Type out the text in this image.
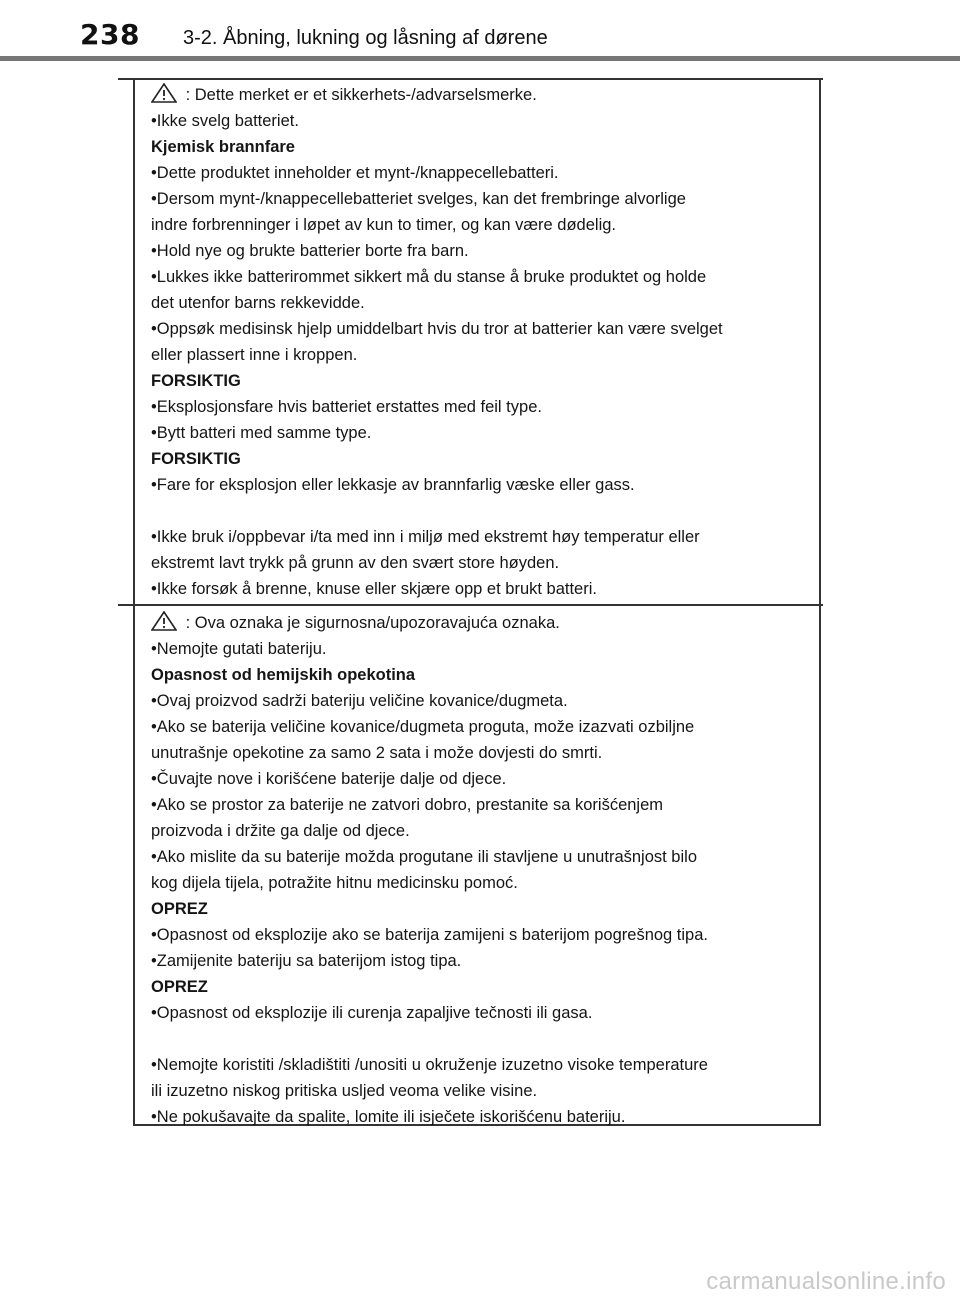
238 3-2. Åbning, lukning og låsning af dørene
: Dette merket er et sikkerhets-/advarselsmerke.
•Ikke svelg batteriet.
Kjemisk brannfare
•Dette produktet inneholder et mynt-/knappecellebatteri.
•Dersom mynt-/knappecellebatteriet svelges, kan det frembringe alvorlige
indre forbrenninger i løpet av kun to timer, og kan være dødelig.
•Hold nye og brukte batterier borte fra barn.
•Lukkes ikke batterirommet sikkert må du stanse å bruke produktet og holde
det utenfor barns rekkevidde.
•Oppsøk medisinsk hjelp umiddelbart hvis du tror at batterier kan være svelget
eller plassert inne i kroppen.
FORSIKTIG
•Eksplosjonsfare hvis batteriet erstattes med feil type.
•Bytt batteri med samme type.
FORSIKTIG
•Fare for eksplosjon eller lekkasje av brannfarlig væske eller gass.
•Ikke bruk i/oppbevar i/ta med inn i miljø med ekstremt høy temperatur eller
ekstremt lavt trykk på grunn av den svært store høyden.
•Ikke forsøk å brenne, knuse eller skjære opp et brukt batteri.
: Ova oznaka je sigurnosna/upozoravajuća oznaka.
•Nemojte gutati bateriju.
Opasnost od hemijskih opekotina
•Ovaj proizvod sadrži bateriju veličine kovanice/dugmeta.
•Ako se baterija veličine kovanice/dugmeta proguta, može izazvati ozbiljne
unutrašnje opekotine za samo 2 sata i može dovjesti do smrti.
•Čuvajte nove i korišćene baterije dalje od djece.
•Ako se prostor za baterije ne zatvori dobro, prestanite sa korišćenjem
proizvoda i držite ga dalje od djece.
•Ako mislite da su baterije možda progutane ili stavljene u unutrašnjost bilo
kog dijela tijela, potražite hitnu medicinsku pomoć.
OPREZ
•Opasnost od eksplozije ako se baterija zamijeni s baterijom pogrešnog tipa.
•Zamijenite bateriju sa baterijom istog tipa.
OPREZ
•Opasnost od eksplozije ili curenja zapaljive tečnosti ili gasa.
•Nemojte koristiti /skladištiti /unositi u okruženje izuzetno visoke temperature
ili izuzetno niskog pritiska usljed veoma velike visine.
•Ne pokušavajte da spalite, lomite ili isječete iskorišćenu bateriju.
carmanualsonline.info
